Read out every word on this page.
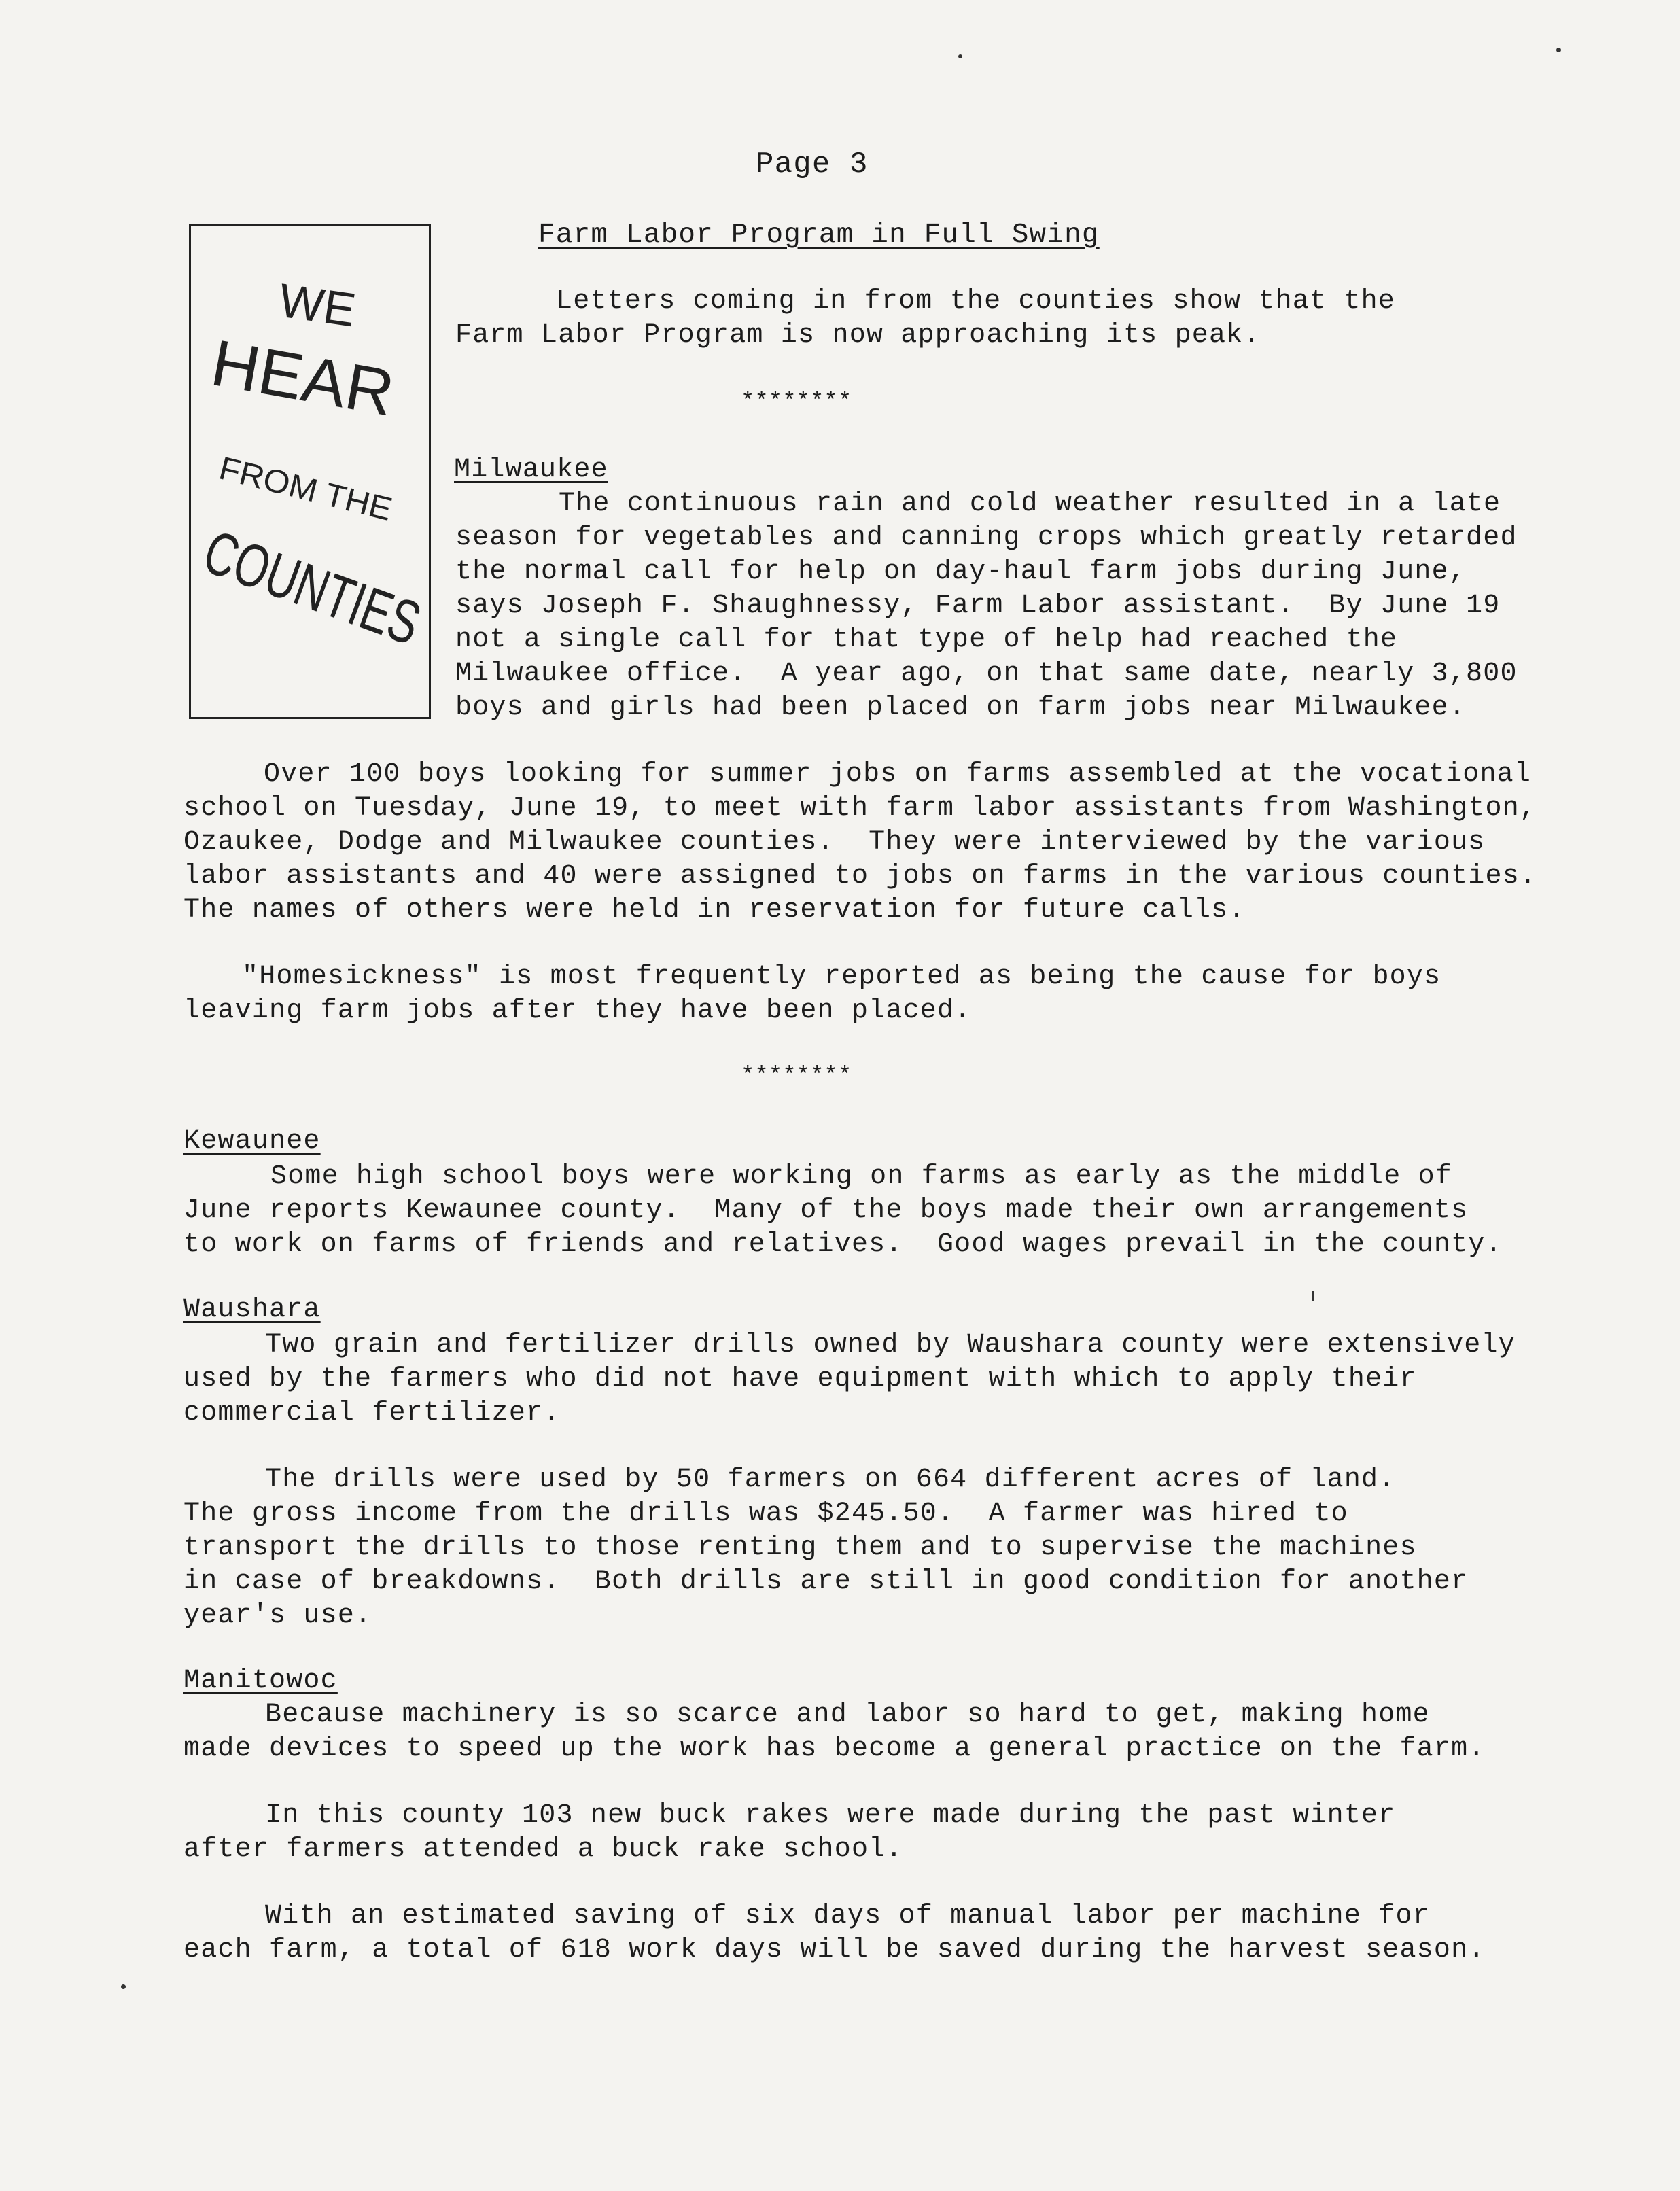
Page 3
WE
HEAR
FROM THE
COUNTIES
Farm Labor Program in Full Swing
Letters coming in from the counties show that the
Farm Labor Program is now approaching its peak.
********
Milwaukee
The continuous rain and cold weather resulted in a late
season for vegetables and canning crops which greatly retarded
the normal call for help on day-haul farm jobs during June,
says Joseph F. Shaughnessy, Farm Labor assistant.  By June 19
not a single call for that type of help had reached the
Milwaukee office.  A year ago, on that same date, nearly 3,800
boys and girls had been placed on farm jobs near Milwaukee.
Over 100 boys looking for summer jobs on farms assembled at the vocational
school on Tuesday, June 19, to meet with farm labor assistants from Washington,
Ozaukee, Dodge and Milwaukee counties.  They were interviewed by the various
labor assistants and 40 were assigned to jobs on farms in the various counties.
The names of others were held in reservation for future calls.
"Homesickness" is most frequently reported as being the cause for boys
leaving farm jobs after they have been placed.
********
Kewaunee
Some high school boys were working on farms as early as the middle of
June reports Kewaunee county.  Many of the boys made their own arrangements
to work on farms of friends and relatives.  Good wages prevail in the county.
Waushara
Two grain and fertilizer drills owned by Waushara county were extensively
used by the farmers who did not have equipment with which to apply their
commercial fertilizer.
The drills were used by 50 farmers on 664 different acres of land.
The gross income from the drills was $245.50.  A farmer was hired to
transport the drills to those renting them and to supervise the machines
in case of breakdowns.  Both drills are still in good condition for another
year's use.
Manitowoc
Because machinery is so scarce and labor so hard to get, making home
made devices to speed up the work has become a general practice on the farm.
In this county 103 new buck rakes were made during the past winter
after farmers attended a buck rake school.
With an estimated saving of six days of manual labor per machine for
each farm, a total of 618 work days will be saved during the harvest season.
